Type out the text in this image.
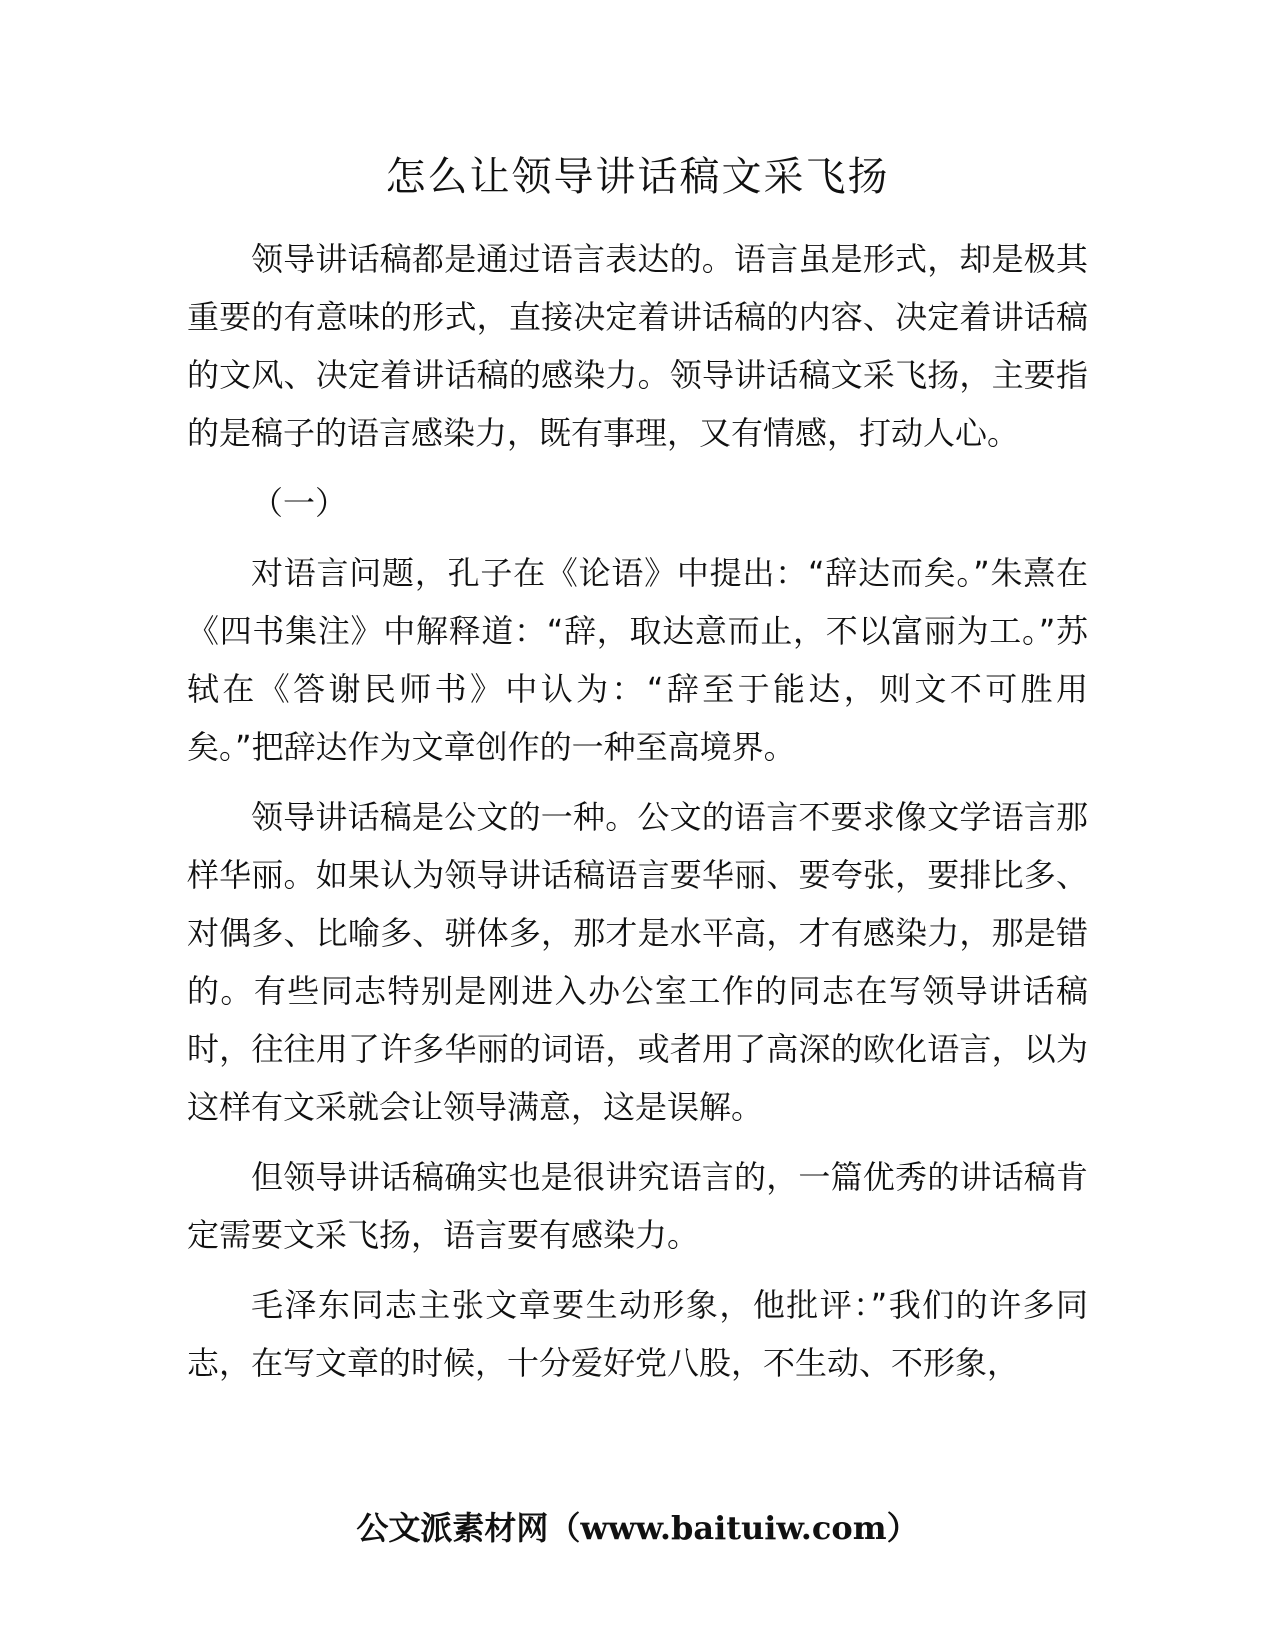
怎么让领导讲话稿文采飞扬

领导讲话稿都是通过语言表达的。语言虽是形式，却是极其重要的有意味的形式，直接决定着讲话稿的内容、决定着讲话稿的文风、决定着讲话稿的感染力。领导讲话稿文采飞扬，主要指的是稿子的语言感染力，既有事理，又有情感，打动人心。

（一）

对语言问题，孔子在《论语》中提出：“辞达而矣。”朱熹在《四书集注》中解释道：“辞，取达意而止，不以富丽为工。”苏轼在《答谢民师书》中认为：“辞至于能达，则文不可胜用矣。”把辞达作为文章创作的一种至高境界。

领导讲话稿是公文的一种。公文的语言不要求像文学语言那样华丽。如果认为领导讲话稿语言要华丽、要夸张，要排比多、对偶多、比喻多、骈体多，那才是水平高，才有感染力，那是错的。有些同志特别是刚进入办公室工作的同志在写领导讲话稿时，往往用了许多华丽的词语，或者用了高深的欧化语言，以为这样有文采就会让领导满意，这是误解。

但领导讲话稿确实也是很讲究语言的，一篇优秀的讲话稿肯定需要文采飞扬，语言要有感染力。

毛泽东同志主张文章要生动形象，他批评：”我们的许多同志，在写文章的时候，十分爱好党八股，不生动、不形象，

公文派素材网（www.baituiw.com）
